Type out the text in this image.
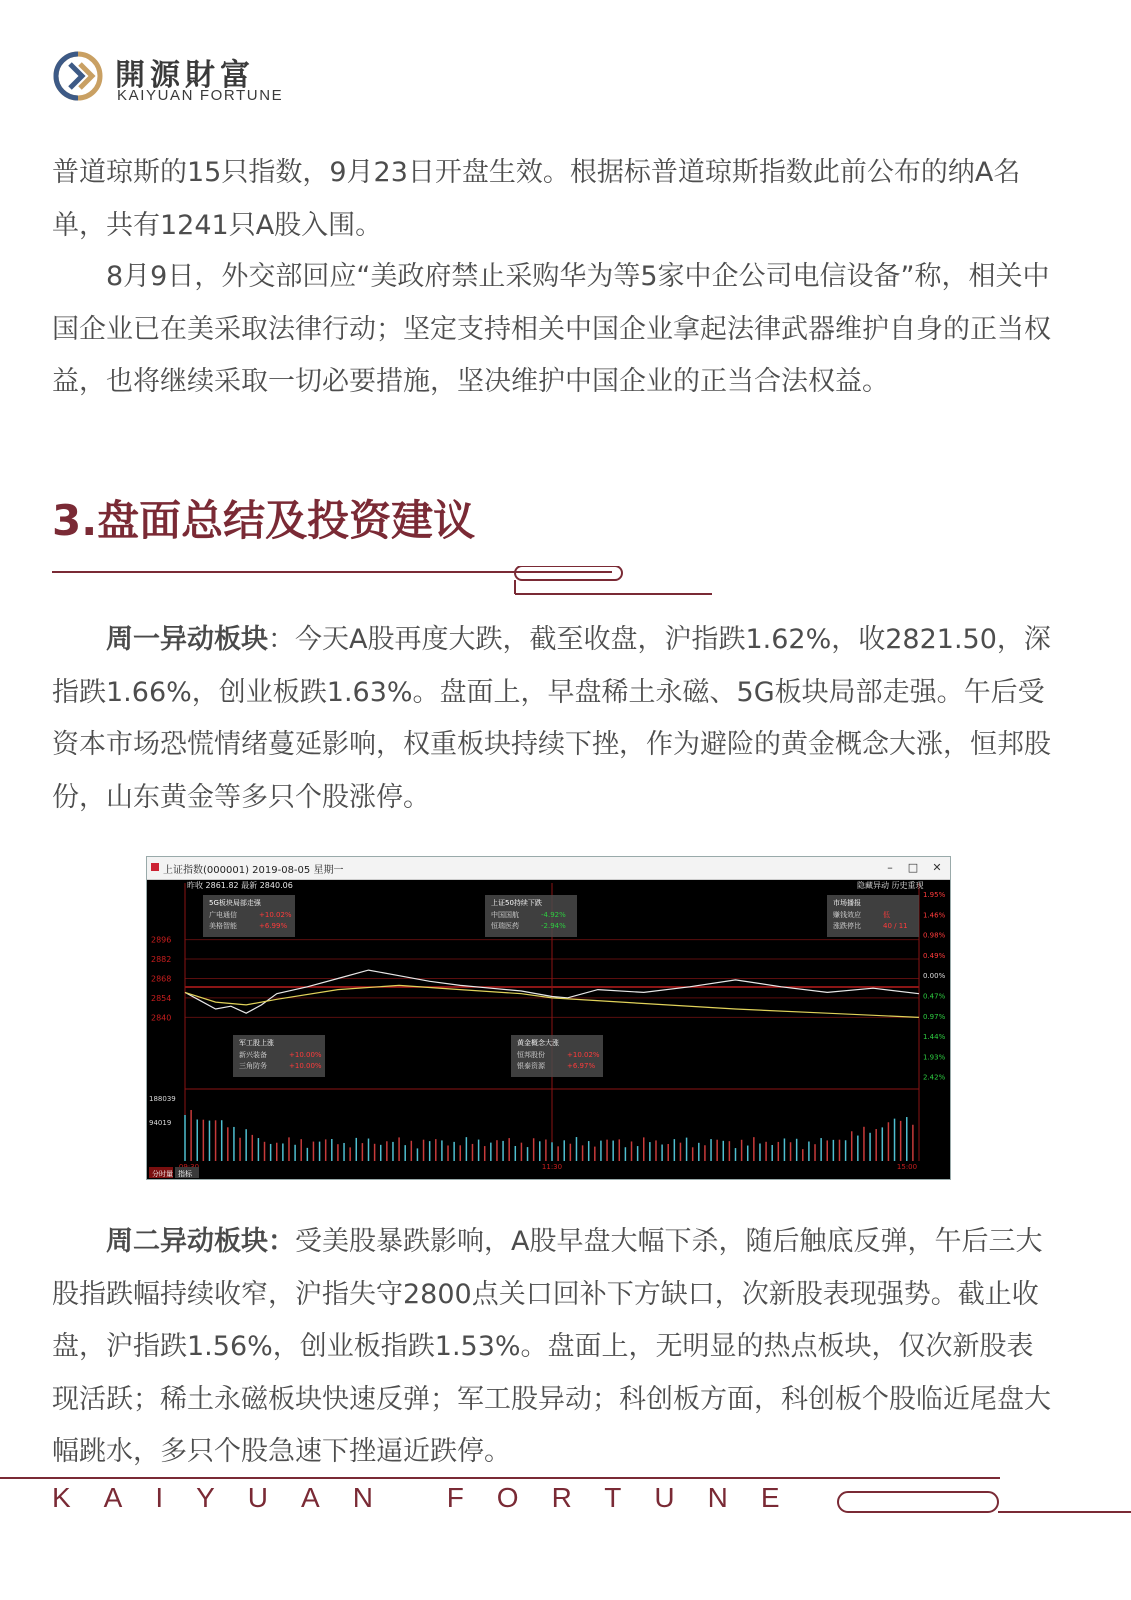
開源財富
KAIYUAN FORTUNE

普道琼斯的15只指数，9月23日开盘生效。根据标普道琼斯指数此前公布的纳A名单，共有1241只A股入围。

  8月9日，外交部回应“美政府禁止采购华为等5家中企公司电信设备”称，相关中国企业已在美采取法律行动；坚定支持相关中国企业拿起法律武器维护自身的正当权益，也将继续采取一切必要措施，坚决维护中国企业的正当合法权益。

3.盘面总结及投资建议

  周一异动板块：今天A股再度大跌，截至收盘，沪指跌1.62%，收2821.50，深指跌1.66%，创业板跌1.63%。盘面上，早盘稀土永磁、5G板块局部走强。午后受资本市场恐慌情绪蔓延影响，权重板块持续下挫，作为避险的黄金概念大涨，恒邦股份，山东黄金等多只个股涨停。

上证指数(000001) 2019-08-05 星期一	–	□	✕
2896
2882
2868
2854
2840
1.95%
1.46%
0.98%
0.49%
0.00%
0.47%
0.97%
1.44%
1.93%
2.42%
188039
94019
11:30	15:00
昨收 2861.82 最新 2840.06	隐藏异动 历史重现
5G板块局部走强
广电通信	+10.02%
美格智能	+6.99%
上证50持续下跌
中国国航	-4.92%
恒瑞医药	-2.94%
市场播报
赚钱效应	低
涨跌停比	40 / 11
军工股上涨
新兴装备	+10.00%
三角防务	+10.00%
黄金概念大涨
恒邦股份	+10.02%
银泰资源	+6.97%
分时量 指标

  周二异动板块：受美股暴跌影响，A股早盘大幅下杀，随后触底反弹，午后三大股指跌幅持续收窄，沪指失守2800点关口回补下方缺口，次新股表现强势。截止收盘，沪指跌1.56%，创业板指跌1.53%。盘面上，无明显的热点板块，仅次新股表现活跃；稀土永磁板块快速反弹；军工股异动；科创板方面，科创板个股临近尾盘大幅跳水，多只个股急速下挫逼近跌停。

KAIYUAN FORTUNE
